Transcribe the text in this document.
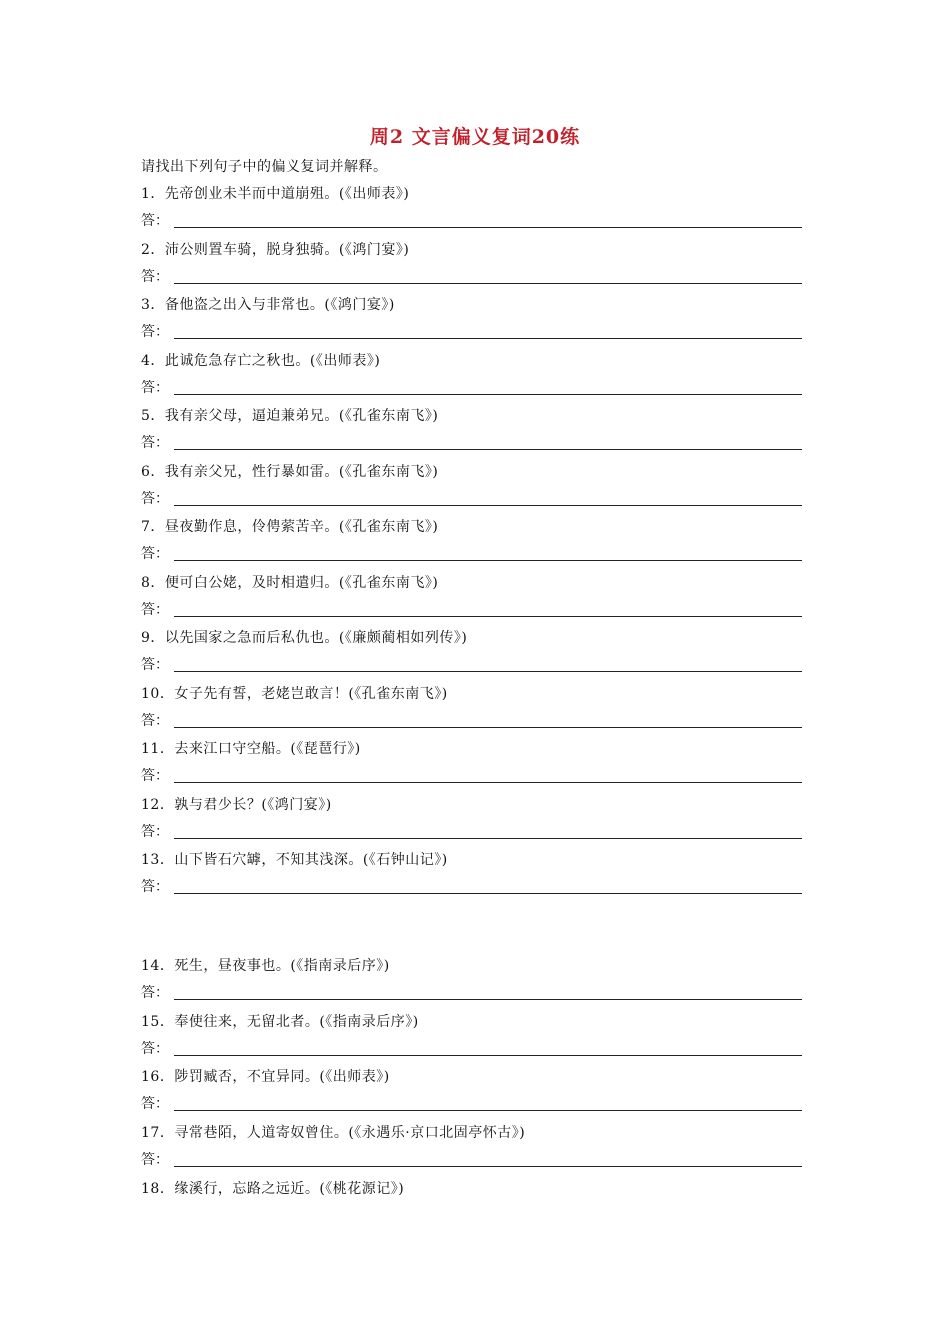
周2 文言偏义复词20练
请找出下列句子中的偏义复词并解释。
1．先帝创业未半而中道崩殂。(《出师表》)
答：
2．沛公则置车骑，脱身独骑。(《鸿门宴》)
答：
3．备他盗之出入与非常也。(《鸿门宴》)
答：
4．此诚危急存亡之秋也。(《出师表》)
答：
5．我有亲父母，逼迫兼弟兄。(《孔雀东南飞》)
答：
6．我有亲父兄，性行暴如雷。(《孔雀东南飞》)
答：
7．昼夜勤作息，伶俜萦苦辛。(《孔雀东南飞》)
答：
8．便可白公姥，及时相遣归。(《孔雀东南飞》)
答：
9．以先国家之急而后私仇也。(《廉颇蔺相如列传》)
答：
10．女子先有誓，老姥岂敢言！(《孔雀东南飞》)
答：
11．去来江口守空船。(《琵琶行》)
答：
12．孰与君少长？(《鸿门宴》)
答：
13．山下皆石穴罅，不知其浅深。(《石钟山记》)
答：
14．死生，昼夜事也。(《指南录后序》)
答：
15．奉使往来，无留北者。(《指南录后序》)
答：
16．陟罚臧否，不宜异同。(《出师表》)
答：
17．寻常巷陌，人道寄奴曾住。(《永遇乐·京口北固亭怀古》)
答：
18．缘溪行，忘路之远近。(《桃花源记》)
